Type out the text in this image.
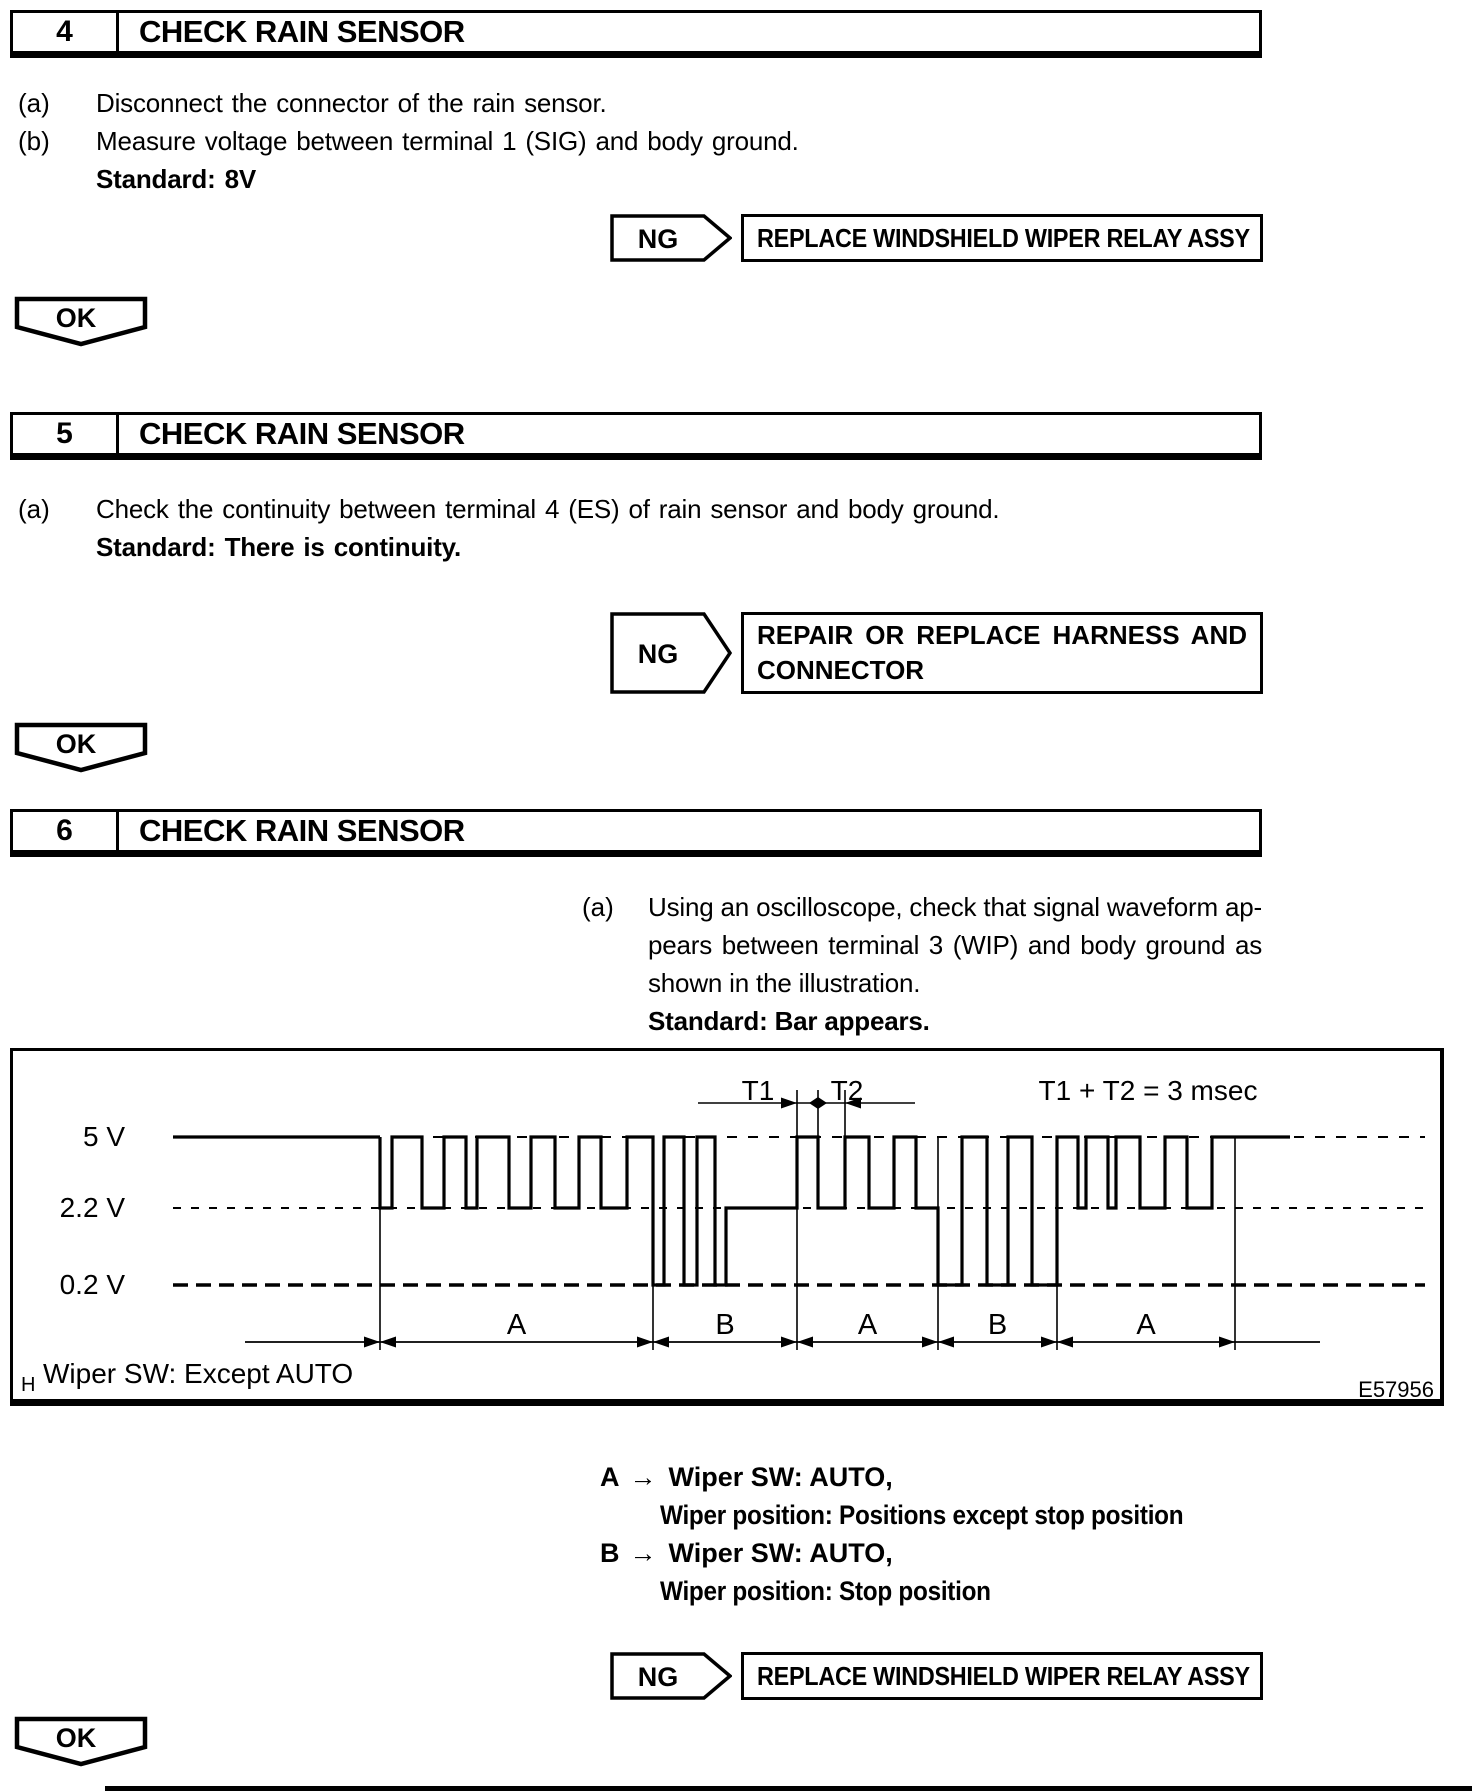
4	CHECK RAIN SENSOR
(a)	Disconnect the connector of the rain sensor.
(b)	Measure voltage between terminal 1 (SIG) and body ground.
Standard: 8V
NG	REPLACE WINDSHIELD WIPER RELAY ASSY
OK
5	CHECK RAIN SENSOR
(a)	Check the continuity between terminal 4 (ES) of rain sensor and body ground.
Standard: There is continuity.
NG
REPAIR OR REPLACE HARNESS AND
CONNECTOR
OK
6	CHECK RAIN SENSOR
(a) Using an oscilloscope, check that signal waveform ap-
pears between terminal 3 (WIP) and body ground as
shown in the illustration.
Standard: Bar appears.
A	B	A	B	A
T1 T2	T1 + T2 = 3 msec
5 V
2.2 V
0.2 V
Wiper SW: Except AUTO
H	E57956
A → Wiper SW: AUTO,
Wiper position: Positions except stop position
B → Wiper SW: AUTO,
Wiper position: Stop position
NG	REPLACE WINDSHIELD WIPER RELAY ASSY
OK
